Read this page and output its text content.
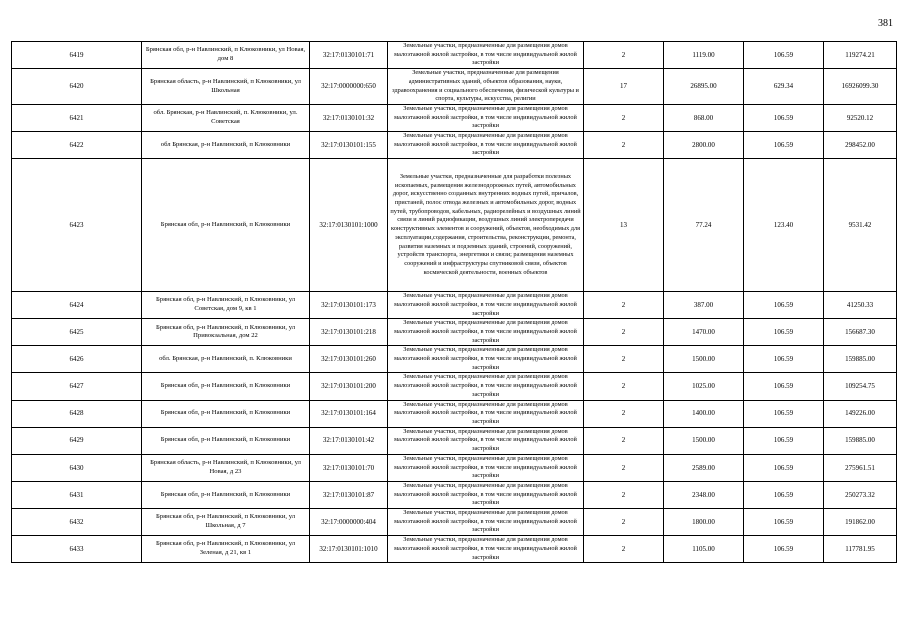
381
6419	Брянская обл, р-н Навлинский, п Клюковники, ул Новая, дом 8	32:17:0130101:71	Земельные участки, предназначенные для размещения домов малоэтажной жилой застройки, в том числе индивидуальной жилой застройки	2	1119.00	106.59	119274.21
6420	Брянская область, р-н Навлинский, п Клюковники, ул Школьная	32:17:0000000:650	Земельные участки, предназначенные для размещения административных зданий, объектов образования, науки, здравоохранения и социального обеспечения, физической культуры и спорта, культуры, искусства, религии	17	26895.00	629.34	16926099.30
6421	обл. Брянская, р-н Навлинский, п. Клюковники, ул. Советская	32:17:0130101:32	Земельные участки, предназначенные для размещения домов малоэтажной жилой застройки, в том числе индивидуальной жилой застройки	2	868.00	106.59	92520.12
6422	обл Брянская, р-н Навлинский, п Клюковники	32:17:0130101:155	Земельные участки, предназначенные для размещения домов малоэтажной жилой застройки, в том числе индивидуальной жилой застройки	2	2800.00	106.59	298452.00
6423	Брянская обл, р-н Навлинский, п Клюковники	32:17:0130101:1000	Земельные участки, предназначенные для разработки полезных ископаемых, размещения железнодорожных путей, автомобильных дорог, искусственно созданных внутренних водных путей, причалов, пристаней, полос отвода железных и автомобильных дорог, водных путей, трубопроводов, кабельных, радиорелейных и воздушных линий связи и линий радиофикации, воздушных линий электропередачи конструктивных элементов и сооружений, объектов, необходимых для эксплуатации,содержания, строительства, реконструкции, ремонта, развития наземных и подземных зданий, строений, сооружений, устройств транспорта, энергетики и связи; размещения наземных сооружений и инфраструктуры спутниковой связи, объектов космической деятельности, военных объектов	13	77.24	123.40	9531.42
6424	Брянская обл, р-н Навлинский, п Клюковники, ул Советская, дом 9, кв 1	32:17:0130101:173	Земельные участки, предназначенные для размещения домов малоэтажной жилой застройки, в том числе индивидуальной жилой застройки	2	387.00	106.59	41250.33
6425	Брянская обл, р-н Навлинский, п Клюковники, ул Привокзальная, дом 22	32:17:0130101:218	Земельные участки, предназначенные для размещения домов малоэтажной жилой застройки, в том числе индивидуальной жилой застройки	2	1470.00	106.59	156687.30
6426	обл. Брянская, р-н Навлинский, п. Клюковники	32:17:0130101:260	Земельные участки, предназначенные для размещения домов малоэтажной жилой застройки, в том числе индивидуальной жилой застройки	2	1500.00	106.59	159885.00
6427	Брянская обл, р-н Навлинский, п Клюковники	32:17:0130101:200	Земельные участки, предназначенные для размещения домов малоэтажной жилой застройки, в том числе индивидуальной жилой застройки	2	1025.00	106.59	109254.75
6428	Брянская обл, р-н Навлинский, п Клюковники	32:17:0130101:164	Земельные участки, предназначенные для размещения домов малоэтажной жилой застройки, в том числе индивидуальной жилой застройки	2	1400.00	106.59	149226.00
6429	Брянская обл, р-н Навлинский, п Клюковники	32:17:0130101:42	Земельные участки, предназначенные для размещения домов малоэтажной жилой застройки, в том числе индивидуальной жилой застройки	2	1500.00	106.59	159885.00
6430	Брянская область, р-н Навлинский, п Клюковники, ул Новая, д 23	32:17:0130101:70	Земельные участки, предназначенные для размещения домов малоэтажной жилой застройки, в том числе индивидуальной жилой застройки	2	2589.00	106.59	275961.51
6431	Брянская обл, р-н Навлинский, п Клюковники	32:17:0130101:87	Земельные участки, предназначенные для размещения домов малоэтажной жилой застройки, в том числе индивидуальной жилой застройки	2	2348.00	106.59	250273.32
6432	Брянская обл, р-н Навлинский, п Клюковники, ул Школьная, д 7	32:17:0000000:404	Земельные участки, предназначенные для размещения домов малоэтажной жилой застройки, в том числе индивидуальной жилой застройки	2	1800.00	106.59	191862.00
6433	Брянская обл, р-н Навлинский, п Клюковники, ул Зеленая, д 21, кв 1	32:17:0130101:1010	Земельные участки, предназначенные для размещения домов малоэтажной жилой застройки, в том числе индивидуальной жилой застройки	2	1105.00	106.59	117781.95
